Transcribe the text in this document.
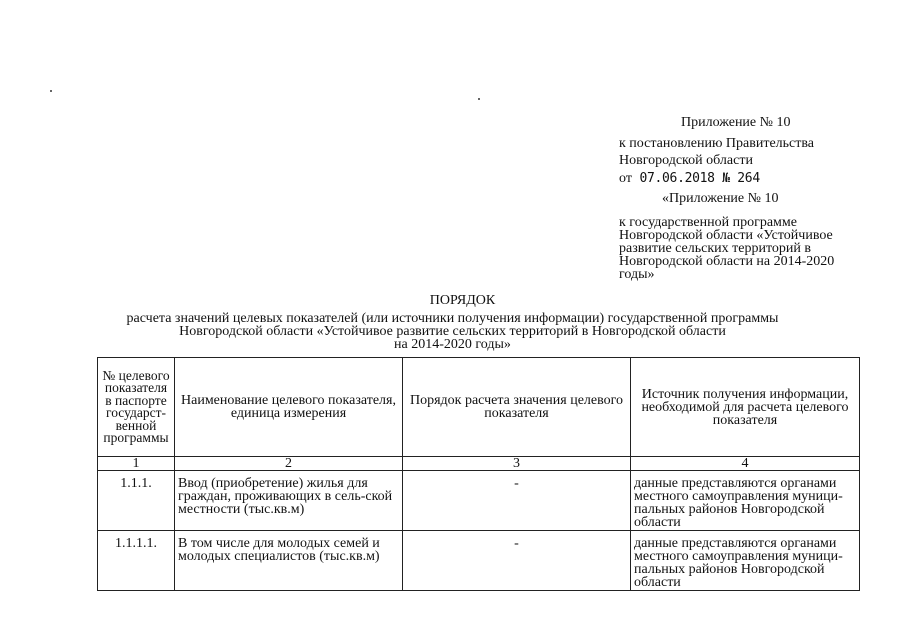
Приложение № 10
к постановлению Правительства
Новгородской области
от 07.06.2018 № 264
«Приложение № 10
к государственной программе Новгородской области «Устойчивое развитие сельских территорий в Новгородской области на 2014-2020 годы»
ПОРЯДОК
расчета значений целевых показателей (или источники получения информации) государственной программы
Новгородской области «Устойчивое развитие сельских территорий в Новгородской области
на 2014-2020 годы»
№ целевого показателя в паспорте государст-венной программы	Наименование целевого показателя, единица измерения	Порядок расчета значения целевого показателя	Источник получения информации, необходимой для расчета целевого показателя
1	2	3	4
1.1.1.	Ввод (приобретение) жилья для граждан, проживающих в сель-ской местности (тыс.кв.м)	-	данные представляются органами местного самоуправления муници-пальных районов Новгородской области
1.1.1.1.	В том числе для молодых семей и молодых специалистов (тыс.кв.м)	-	данные представляются органами местного самоуправления муници-пальных районов Новгородской области
